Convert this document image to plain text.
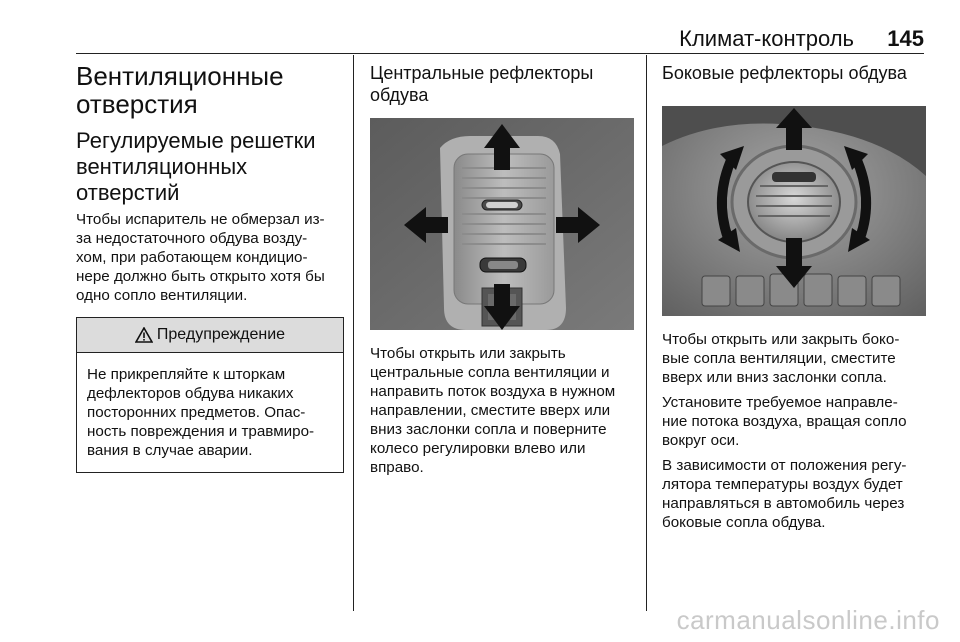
Климат-контроль 145
Вентиляционные
отверстия
Регулируемые решетки
вентиляционных
отверстий

Чтобы испаритель не обмерзал из-
за недостаточного обдува возду-
хом, при работающем кондицио-
нере должно быть открыто хотя бы
одно сопло вентиляции.

Предупреждение
Не прикрепляйте к шторкам
дефлекторов обдува никаких
посторонних предметов. Опас-
ность повреждения и травмиро-
вания в случае аварии.
Центральные рефлекторы
обдува

Чтобы открыть или закрыть
центральные сопла вентиляции и
направить поток воздуха в нужном
направлении, сместите вверх или
вниз заслонки сопла и поверните
колесо регулировки влево или
вправо.

Боковые рефлекторы обдува

Чтобы открыть или закрыть боко-
вые сопла вентиляции, сместите
вверх или вниз заслонки сопла.

Установите требуемое направле-
ние потока воздуха, вращая сопло
вокруг оси.

В зависимости от положения регу-
лятора температуры воздух будет
направляться в автомобиль через
боковые сопла обдува.

carmanualsonline.info
